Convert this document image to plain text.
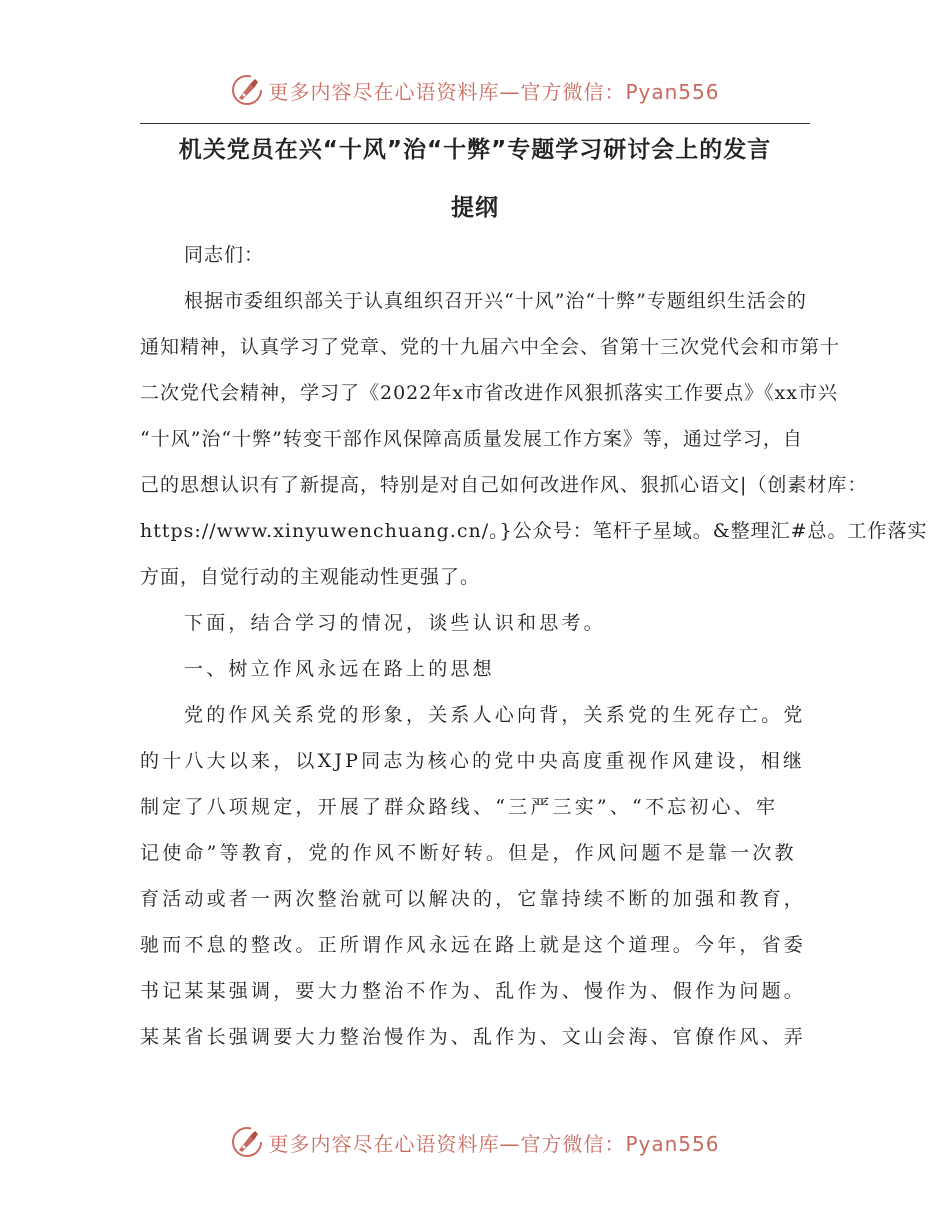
更多内容尽在心语资料库—官方微信：Pyan556
机关党员在兴“十风”治“十弊”专题学习研讨会上的发言
提纲

同志们：

根据市委组织部关于认真组织召开兴“十风”治“十弊”专题组织生活会的
通知精神，认真学习了党章、党的十九届六中全会、省第十三次党代会和市第十
二次党代会精神，学习了《2022年x市省改进作风狠抓落实工作要点》《xx市兴
“十风”治“十弊”转变干部作风保障高质量发展工作方案》等，通过学习，自
己的思想认识有了新提高，特别是对自己如何改进作风、狠抓心语文|（创素材库：
https://www.xinyuwenchuang.cn/。}公众号：笔杆子星域。&整理汇#总。工作落实
方面，自觉行动的主观能动性更强了。

下面，结合学习的情况，谈些认识和思考。

一、树立作风永远在路上的思想

党的作风关系党的形象，关系人心向背，关系党的生死存亡。党
的十八大以来，以XJP同志为核心的党中央高度重视作风建设，相继
制定了八项规定，开展了群众路线、“三严三实”、“不忘初心、牢
记使命”等教育，党的作风不断好转。但是，作风问题不是靠一次教
育活动或者一两次整治就可以解决的，它靠持续不断的加强和教育，
驰而不息的整改。正所谓作风永远在路上就是这个道理。今年，省委
书记某某强调，要大力整治不作为、乱作为、慢作为、假作为问题。
某某省长强调要大力整治慢作为、乱作为、文山会海、官僚作风、弄

更多内容尽在心语资料库—官方微信：Pyan556
